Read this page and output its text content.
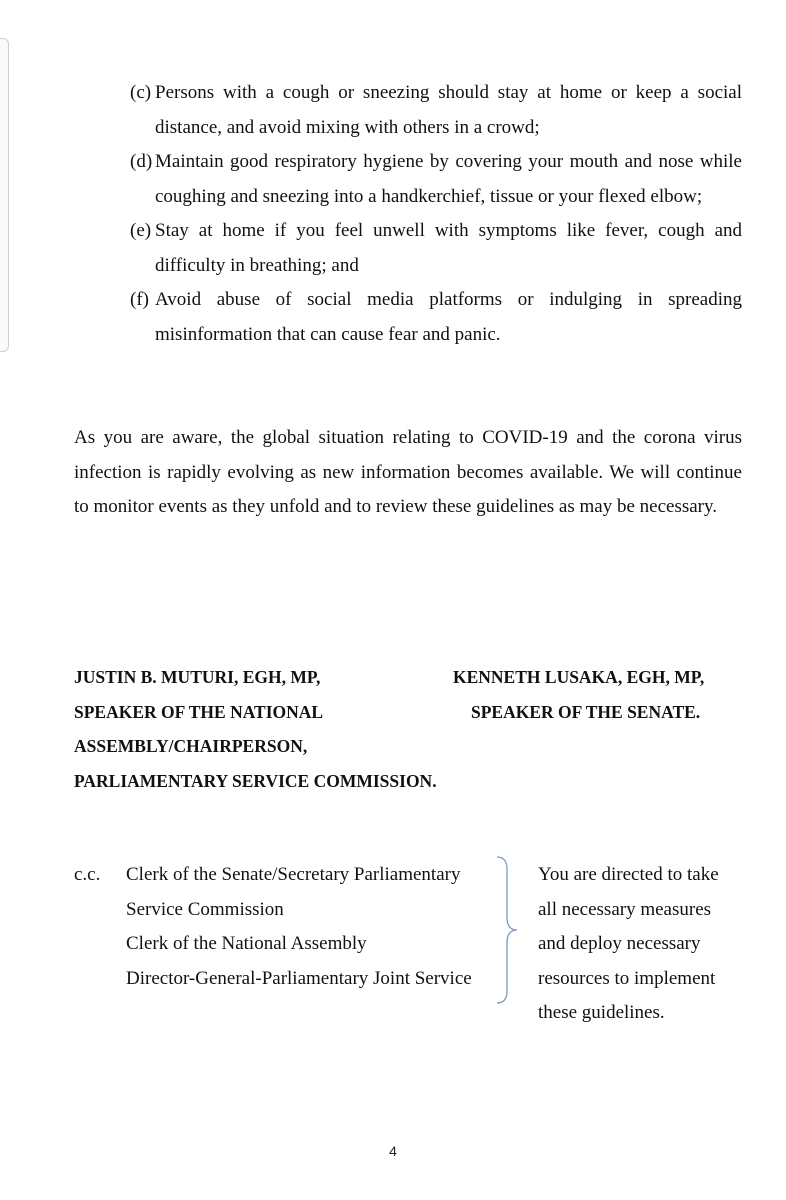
(c) Persons with a cough or sneezing should stay at home or keep a social distance, and avoid mixing with others in a crowd;

(d) Maintain good respiratory hygiene by covering your mouth and nose while coughing and sneezing into a handkerchief, tissue or your flexed elbow;

(e) Stay at home if you feel unwell with symptoms like fever, cough and difficulty in breathing; and

(f) Avoid abuse of social media platforms or indulging in spreading misinformation that can cause fear and panic.

As you are aware, the global situation relating to COVID-19 and the corona virus infection is rapidly evolving as new information becomes available. We will continue to monitor events as they unfold and to review these guidelines as may be necessary.

JUSTIN B. MUTURI, EGH, MP,
SPEAKER OF THE NATIONAL
ASSEMBLY/CHAIRPERSON,
PARLIAMENTARY SERVICE COMMISSION.
KENNETH LUSAKA, EGH, MP,
SPEAKER OF THE SENATE.
c.c. Clerk of the Senate/Secretary Parliamentary
Service Commission
Clerk of the National Assembly
Director-General-Parliamentary Joint Service
You are directed to take
all necessary measures
and deploy necessary
resources to implement
these guidelines.
4
